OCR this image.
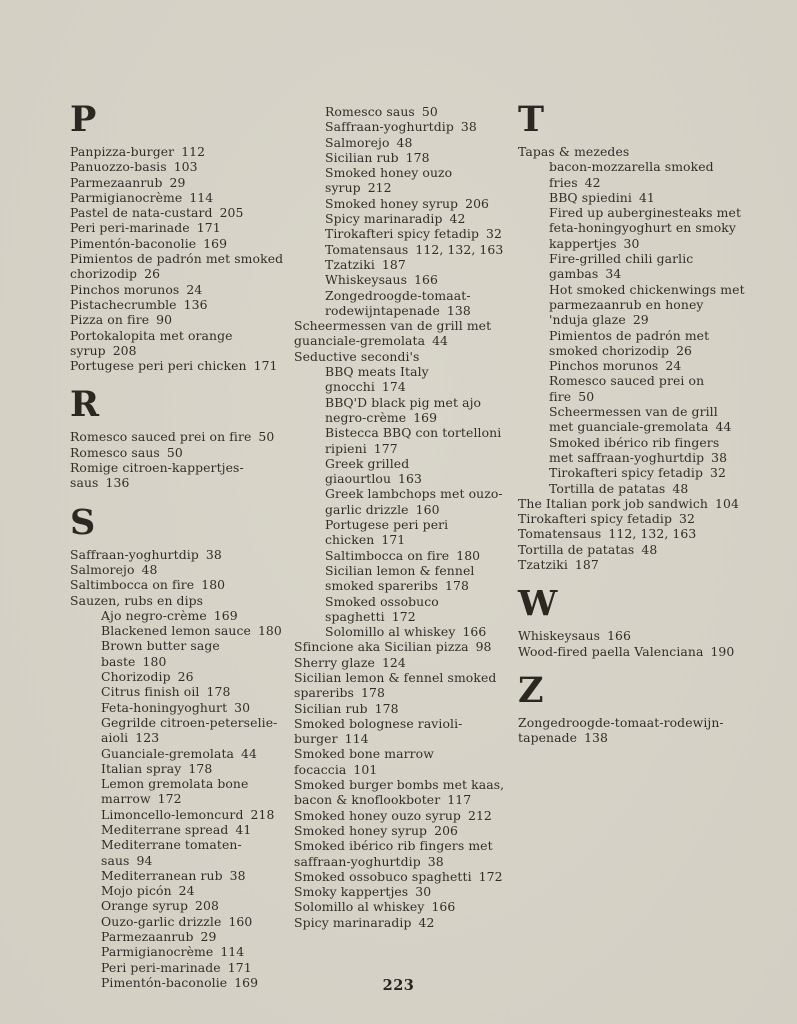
P
Panpizza-burger 112
Panuozzo-basis 103
Parmezaanrub 29
Parmigianocrème 114
Pastel de nata-custard 205
Peri peri-marinade 171
Pimentón-baconolie 169
Pimientos de padrón met smoked chorizodip 26
Pinchos morunos 24
Pistachecrumble 136
Pizza on fire 90
Portokalopita met orange syrup 208
Portugese peri peri chicken 171
R
Romesco sauced prei on fire 50
Romesco saus 50
Romige citroen-kappertjes-saus 136
S
Saffraan-yoghurtdip 38
Salmorejo 48
Saltimbocca on fire 180
Sauzen, rubs en dips
Ajo negro-crème 169
Blackened lemon sauce 180
Brown butter sage baste 180
Chorizodip 26
Citrus finish oil 178
Feta-honingyoghurt 30
Gegrilde citroen-peterselie-aioli 123
Guanciale-gremolata 44
Italian spray 178
Lemon gremolata bone marrow 172
Limoncello-lemoncurd 218
Mediterrane spread 41
Mediterrane tomaten-saus 94
Mediterranean rub 38
Mojo picón 24
Orange syrup 208
Ouzo-garlic drizzle 160
Parmezaanrub 29
Parmigianocrème 114
Peri peri-marinade 171
Pimentón-baconolie 169
Romesco saus 50
Saffraan-yoghurtdip 38
Salmorejo 48
Sicilian rub 178
Smoked honey ouzo syrup 212
Smoked honey syrup 206
Spicy marinaradip 42
Tirokafteri spicy fetadip 32
Tomatensaus 112, 132, 163
Tzatziki 187
Whiskeysaus 166
Zongedroogde-tomaat-rodewijntapenade 138
Scheermessen van de grill met guanciale-gremolata 44
Seductive secondi's
BBQ meats Italy gnocchi 174
BBQ'D black pig met ajo negro-crème 169
Bistecca BBQ con tortelloni ripieni 177
Greek grilled giaourtlou 163
Greek lambchops met ouzo-garlic drizzle 160
Portugese peri peri chicken 171
Saltimbocca on fire 180
Sicilian lemon & fennel smoked spareribs 178
Smoked ossobuco spaghetti 172
Solomillo al whiskey 166
Sfincione aka Sicilian pizza 98
Sherry glaze 124
Sicilian lemon & fennel smoked spareribs 178
Sicilian rub 178
Smoked bolognese ravioli-burger 114
Smoked bone marrow focaccia 101
Smoked burger bombs met kaas, bacon & knoflookboter 117
Smoked honey ouzo syrup 212
Smoked honey syrup 206
Smoked ibérico rib fingers met saffraan-yoghurtdip 38
Smoked ossobuco spaghetti 172
Smoky kappertjes 30
Solomillo al whiskey 166
Spicy marinaradip 42
T
Tapas & mezedes
bacon-mozzarella smoked fries 42
BBQ spiedini 41
Fired up auberginesteaks met feta-honingyoghurt en smoky kappertjes 30
Fire-grilled chili garlic gambas 34
Hot smoked chickenwings met parmezaanrub en honey 'nduja glaze 29
Pimientos de padrón met smoked chorizodip 26
Pinchos morunos 24
Romesco sauced prei on fire 50
Scheermessen van de grill met guanciale-gremolata 44
Smoked ibérico rib fingers met saffraan-yoghurtdip 38
Tirokafteri spicy fetadip 32
Tortilla de patatas 48
The Italian pork job sandwich 104
Tirokafteri spicy fetadip 32
Tomatensaus 112, 132, 163
Tortilla de patatas 48
Tzatziki 187
W
Whiskeysaus 166
Wood-fired paella Valenciana 190
Z
Zongedroogde-tomaat-rodewijn-tapenade 138
223
